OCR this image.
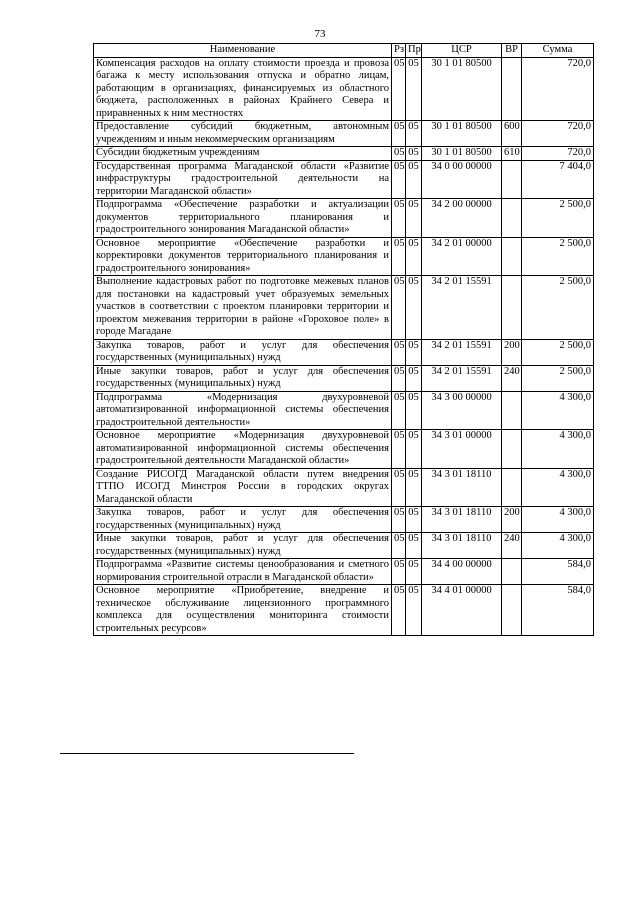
73
Наименование	Рз	Пр	ЦСР	ВР	Сумма
Компенсация расходов на оплату стоимости проезда и провоза багажа к месту использования отпуска и обратно лицам, работающим в организациях, финансируемых из областного бюджета, расположенных в районах Крайнего Севера и приравненных к ним местностях	05	05	30 1 01 80500		720,0
Предоставление субсидий бюджетным, автономным учреждениям и иным некоммерческим организациям	05	05	30 1 01 80500	600	720,0
Субсидии бюджетным учреждениям	05	05	30 1 01 80500	610	720,0
Государственная программа Магаданской области «Развитие инфраструктуры градостроительной деятельности на территории Магаданской области»	05	05	34 0 00 00000		7 404,0
Подпрограмма «Обеспечение разработки и актуализации документов территориального планирования и градостроительного зонирования Магаданской области»	05	05	34 2 00 00000		2 500,0
Основное мероприятие «Обеспечение разработки и корректировки документов территориального планирования и градостроительного зонирования»	05	05	34 2 01 00000		2 500,0
Выполнение кадастровых работ по подготовке межевых планов для постановки на кадастровый учет образуемых земельных участков в соответствии с проектом планировки территории и проектом межевания территории в районе «Гороховое поле» в городе Магадане	05	05	34 2 01 15591		2 500,0
Закупка товаров, работ и услуг для обеспечения государственных (муниципальных) нужд	05	05	34 2 01 15591	200	2 500,0
Иные закупки товаров, работ и услуг для обеспечения государственных (муниципальных) нужд	05	05	34 2 01 15591	240	2 500,0
Подпрограмма «Модернизация двухуровневой автоматизированной информационной системы обеспечения градостроительной деятельности»	05	05	34 3 00 00000		4 300,0
Основное мероприятие «Модернизация двухуровневой автоматизированной информационной системы обеспечения градостроительной деятельности Магаданской области»	05	05	34 3 01 00000		4 300,0
Создание РИСОГД Магаданской области путем внедрения ТТПО ИСОГД Минстроя России в городских округах Магаданской области	05	05	34 3 01 18110		4 300,0
Закупка товаров, работ и услуг для обеспечения государственных (муниципальных) нужд	05	05	34 3 01 18110	200	4 300,0
Иные закупки товаров, работ и услуг для обеспечения государственных (муниципальных) нужд	05	05	34 3 01 18110	240	4 300,0
Подпрограмма «Развитие системы ценообразования и сметного нормирования строительной отрасли в Магаданской области»	05	05	34 4 00 00000		584,0
Основное мероприятие «Приобретение, внедрение и техническое обслуживание лицензионного программного комплекса для осуществления мониторинга стоимости строительных ресурсов»	05	05	34 4 01 00000		584,0
